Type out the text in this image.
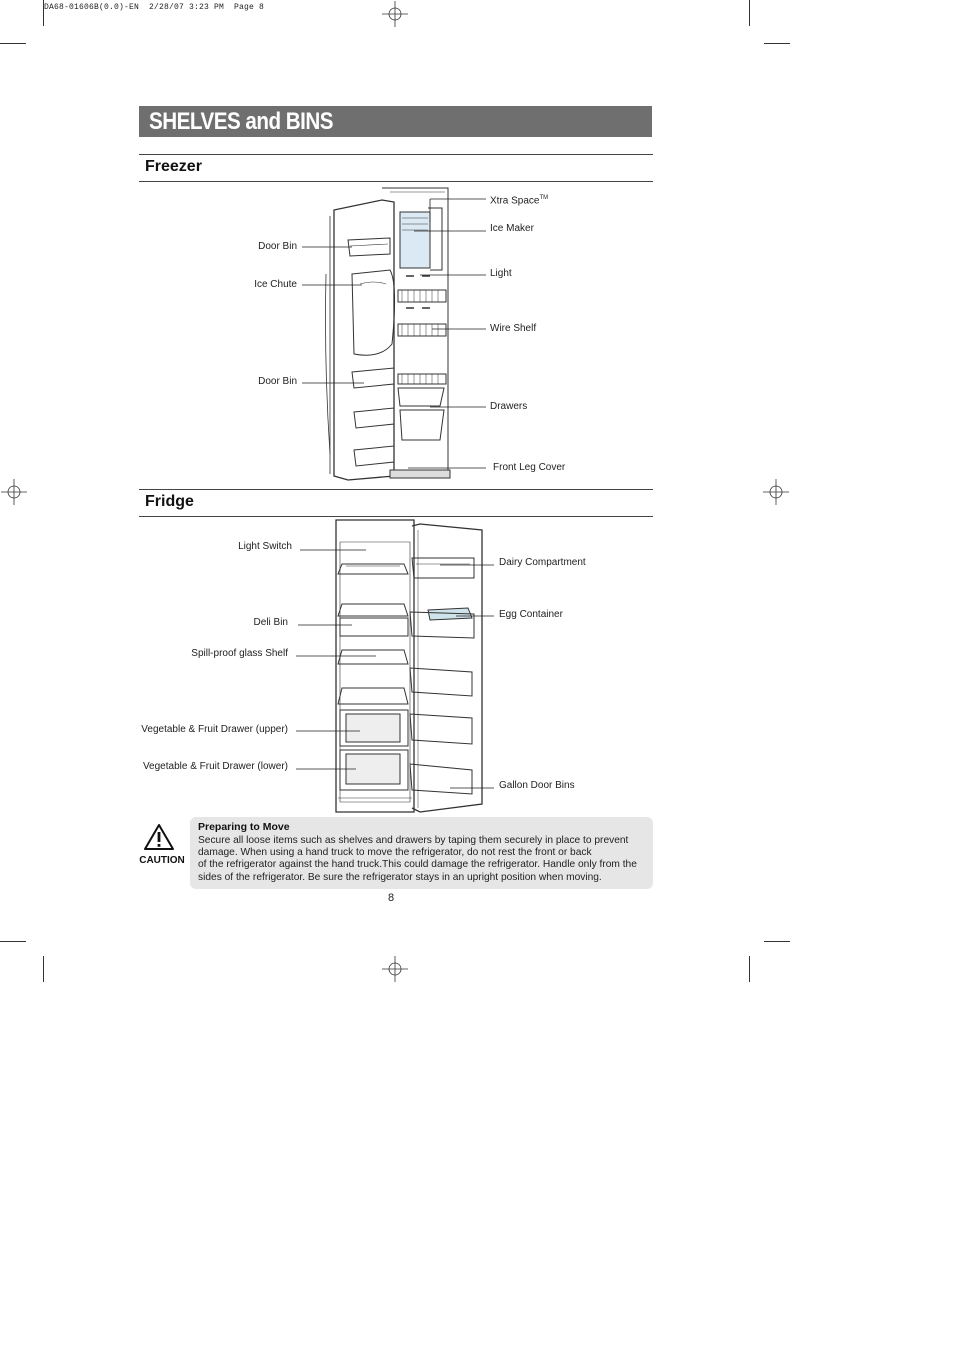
DA68-01606B(0.0)-EN  2/28/07 3:23 PM  Page 8
SHELVES and BINS
Freezer
Xtra Space™
Ice Maker
Door Bin
Ice Chute
Light
Wire Shelf
Door Bin
Drawers
Front Leg Cover
Fridge
Light Switch
Dairy Compartment
Egg Container
Deli Bin
Spill-proof glass Shelf
Vegetable & Fruit Drawer (upper)
Vegetable & Fruit Drawer (lower)
Gallon Door Bins
CAUTION
Preparing to Move
Secure all loose items such as shelves and drawers by taping them securely in place to prevent
damage. When using a hand truck to move the refrigerator, do not rest the front or back
of the refrigerator against the hand truck.This could damage the refrigerator. Handle only from the
sides of the refrigerator. Be sure the refrigerator stays in an upright position when moving.
8
